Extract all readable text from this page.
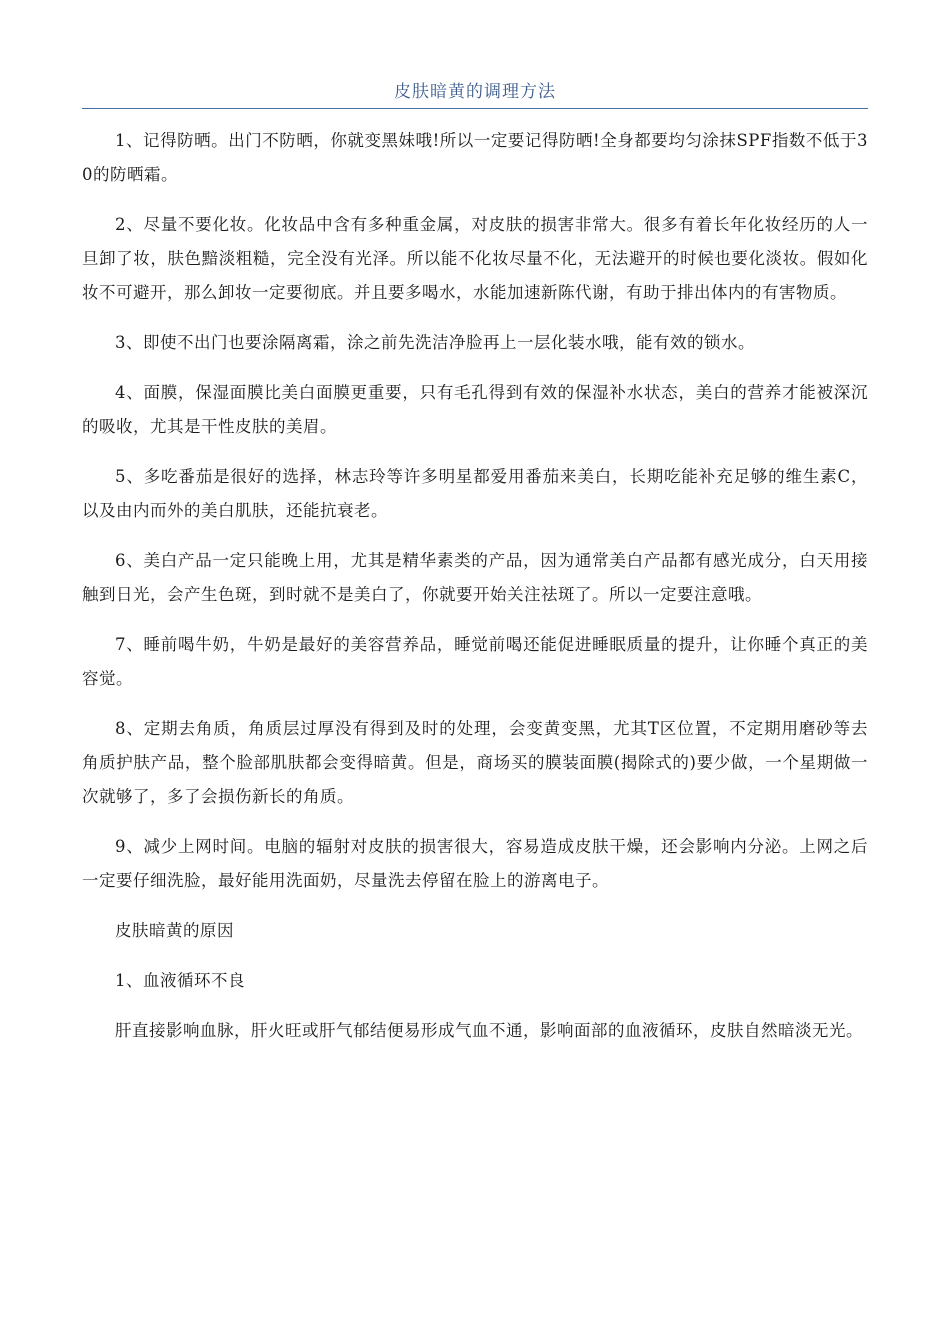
皮肤暗黄的调理方法

1、记得防晒。出门不防晒，你就变黑妹哦!所以一定要记得防晒!全身都要均匀涂抹SPF指数不低于30的防晒霜。

2、尽量不要化妆。化妆品中含有多种重金属，对皮肤的损害非常大。很多有着长年化妆经历的人一旦卸了妆，肤色黯淡粗糙，完全没有光泽。所以能不化妆尽量不化，无法避开的时候也要化淡妆。假如化妆不可避开，那么卸妆一定要彻底。并且要多喝水，水能加速新陈代谢，有助于排出体内的有害物质。

3、即使不出门也要涂隔离霜，涂之前先洗洁净脸再上一层化装水哦，能有效的锁水。

4、面膜，保湿面膜比美白面膜更重要，只有毛孔得到有效的保湿补水状态，美白的营养才能被深沉的吸收，尤其是干性皮肤的美眉。

5、多吃番茄是很好的选择，林志玲等许多明星都爱用番茄来美白，长期吃能补充足够的维生素C，以及由内而外的美白肌肤，还能抗衰老。

6、美白产品一定只能晚上用，尤其是精华素类的产品，因为通常美白产品都有感光成分，白天用接触到日光，会产生色斑，到时就不是美白了，你就要开始关注祛斑了。所以一定要注意哦。

7、睡前喝牛奶，牛奶是最好的美容营养品，睡觉前喝还能促进睡眠质量的提升，让你睡个真正的美容觉。

8、定期去角质，角质层过厚没有得到及时的处理，会变黄变黑，尤其T区位置，不定期用磨砂等去角质护肤产品，整个脸部肌肤都会变得暗黄。但是，商场买的膜装面膜(揭除式的)要少做，一个星期做一次就够了，多了会损伤新长的角质。

9、减少上网时间。电脑的辐射对皮肤的损害很大，容易造成皮肤干燥，还会影响内分泌。上网之后一定要仔细洗脸，最好能用洗面奶，尽量洗去停留在脸上的游离电子。

皮肤暗黄的原因

1、血液循环不良

肝直接影响血脉，肝火旺或肝气郁结便易形成气血不通，影响面部的血液循环，皮肤自然暗淡无光。
